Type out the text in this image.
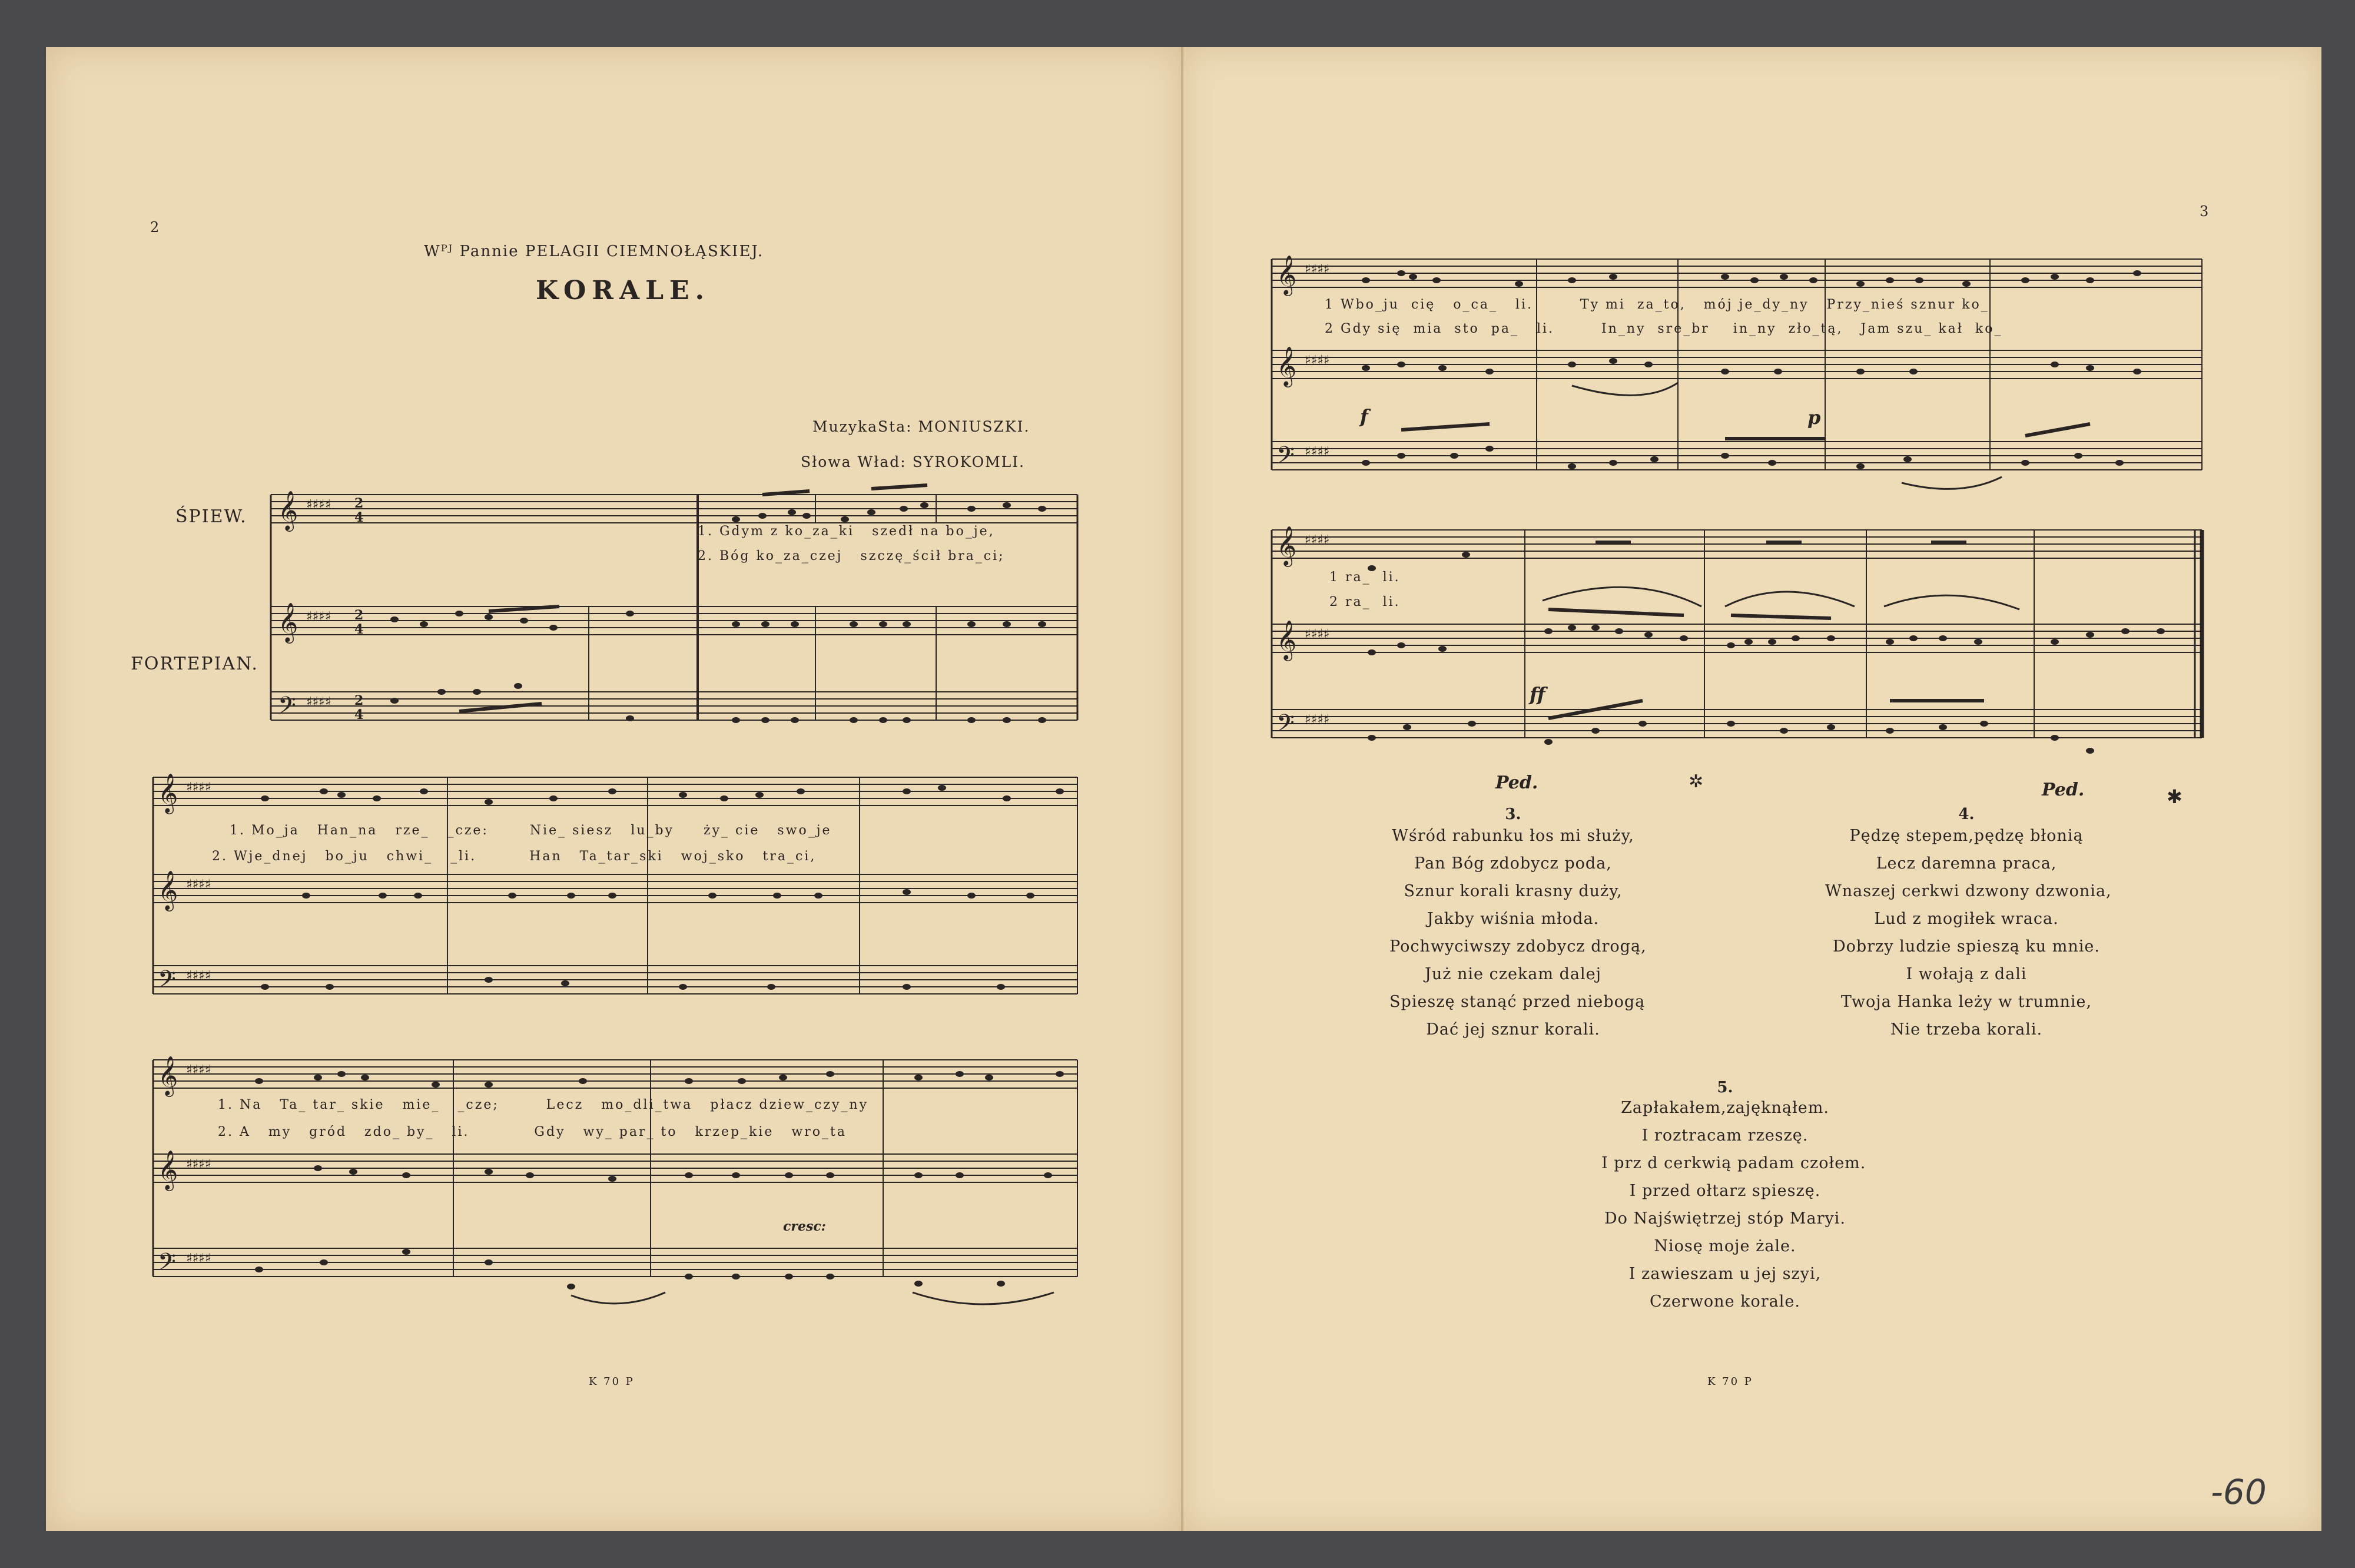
2
Wᴾᴶ Pannie PELAGII CIEMNOŁĄSKIEJ.
KORALE.
MuzykaSta: MONIUSZKI.
Słowa Wład: SYROKOMLI.
ŚPIEW.
FORTEPIAN.
𝄞
𝄞
𝄢
♯♯♯♯
♯♯♯♯
♯♯♯♯
2
4
2
4
2
4
1. Gdym z ko_za_ki   szedł na bo_je,
2. Bóg ko_za_czej   szczę_ścił bra_ci;
𝄞
𝄞
𝄢
♯♯♯♯
♯♯♯♯
♯♯♯♯
1. Mo_ja   Han_na   rze_   _cze:       Nie_ siesz   lu_by     ży_ cie   swo_je
2. Wje_dnej   bo_ju   chwi_   _li.         Han   Ta_tar_ski   woj_sko   tra_ci,
𝄞
𝄞
𝄢
♯♯♯♯
♯♯♯♯
♯♯♯♯
1. Na   Ta_ tar_ skie   mie_   _cze;        Lecz   mo_dli_twa   płacz dziew_czy_ny
2. A   my   gród   zdo_ by_   li.           Gdy   wy_ par_ to   krzep_kie   wro_ta
cresc:
K 70 P
3
𝄞
𝄞
𝄢
♯♯♯♯
♯♯♯♯
♯♯♯♯
1 Wbo_ju  cię   o_ca_   li.        Ty mi  za_to,   mój je_dy_ny   Przy_nieś sznur ko_
2 Gdy się  mia  sto  pa_   li.        In_ny  sre_br    in_ny  zło_tą,   Jam szu_ kał  ko_
f	p
𝄞
𝄞
𝄢
♯♯♯♯
♯♯♯♯
♯♯♯♯
1 ra_  li.
2 ra_  li.
ff
Ped.	✲	Ped.	✱
3.
Wśród rabunku łos mi służy,
Pan Bóg zdobycz poda,
Sznur korali krasny duży,
Jakby wiśnia młoda.
Pochwyciwszy zdobycz drogą,
Już nie czekam dalej
Spieszę stanąć przed niebogą
Dać jej sznur korali.
4.
Pędzę stepem,pędzę błonią
Lecz daremna praca,
Wnaszej cerkwi dzwony dzwonia,
Lud z mogiłek wraca.
Dobrzy ludzie spieszą ku mnie.
I wołają z dali
Twoja Hanka leży w trumnie,
Nie trzeba korali.
5.
Zapłakałem,zajęknąłem.
I roztracam rzeszę.
I prz d cerkwią padam czołem.
I przed ołtarz spieszę.
Do Najświętrzej stóp Maryi.
Niosę moje żale.
I zawieszam u jej szyi,
Czerwone korale.
K 70 P
-60
